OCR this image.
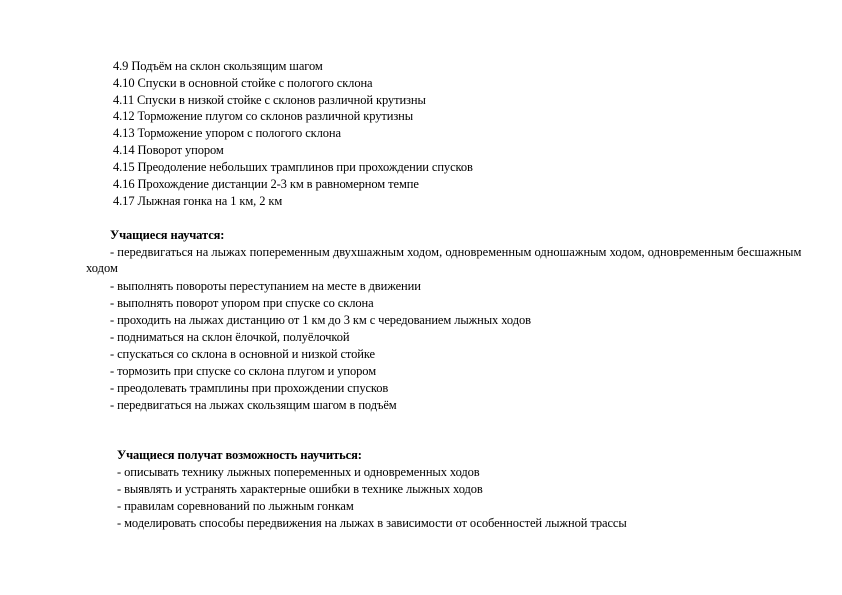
4.9 Подъём на склон скользящим шагом
4.10 Спуски в основной стойке с пологого склона
4.11 Спуски в низкой стойке с склонов различной крутизны
4.12 Торможение плугом со склонов различной крутизны
4.13 Торможение упором с пологого склона
4.14 Поворот упором
4.15 Преодоление небольших трамплинов при прохождении спусков
4.16 Прохождение дистанции 2-3 км в равномерном темпе
4.17 Лыжная гонка на 1 км, 2 км
Учащиеся научатся:
- передвигаться на лыжах попеременным двухшажным ходом, одновременным одношажным ходом, одновременным бесшажным ходом
- выполнять повороты переступанием на месте в движении
- выполнять поворот упором при спуске со склона
- проходить на лыжах дистанцию от 1 км до 3 км с чередованием лыжных ходов
- подниматься на склон ёлочкой, полуёлочкой
- спускаться со склона в основной и низкой стойке
- тормозить при спуске со склона плугом и упором
- преодолевать трамплины при прохождении спусков
- передвигаться на лыжах скользящим шагом в подъём
Учащиеся получат возможность научиться:
- описывать технику лыжных попеременных и одновременных ходов
- выявлять и устранять характерные ошибки в технике лыжных ходов
- правилам соревнований по лыжным гонкам
- моделировать способы передвижения на лыжах в зависимости от особенностей лыжной трассы
